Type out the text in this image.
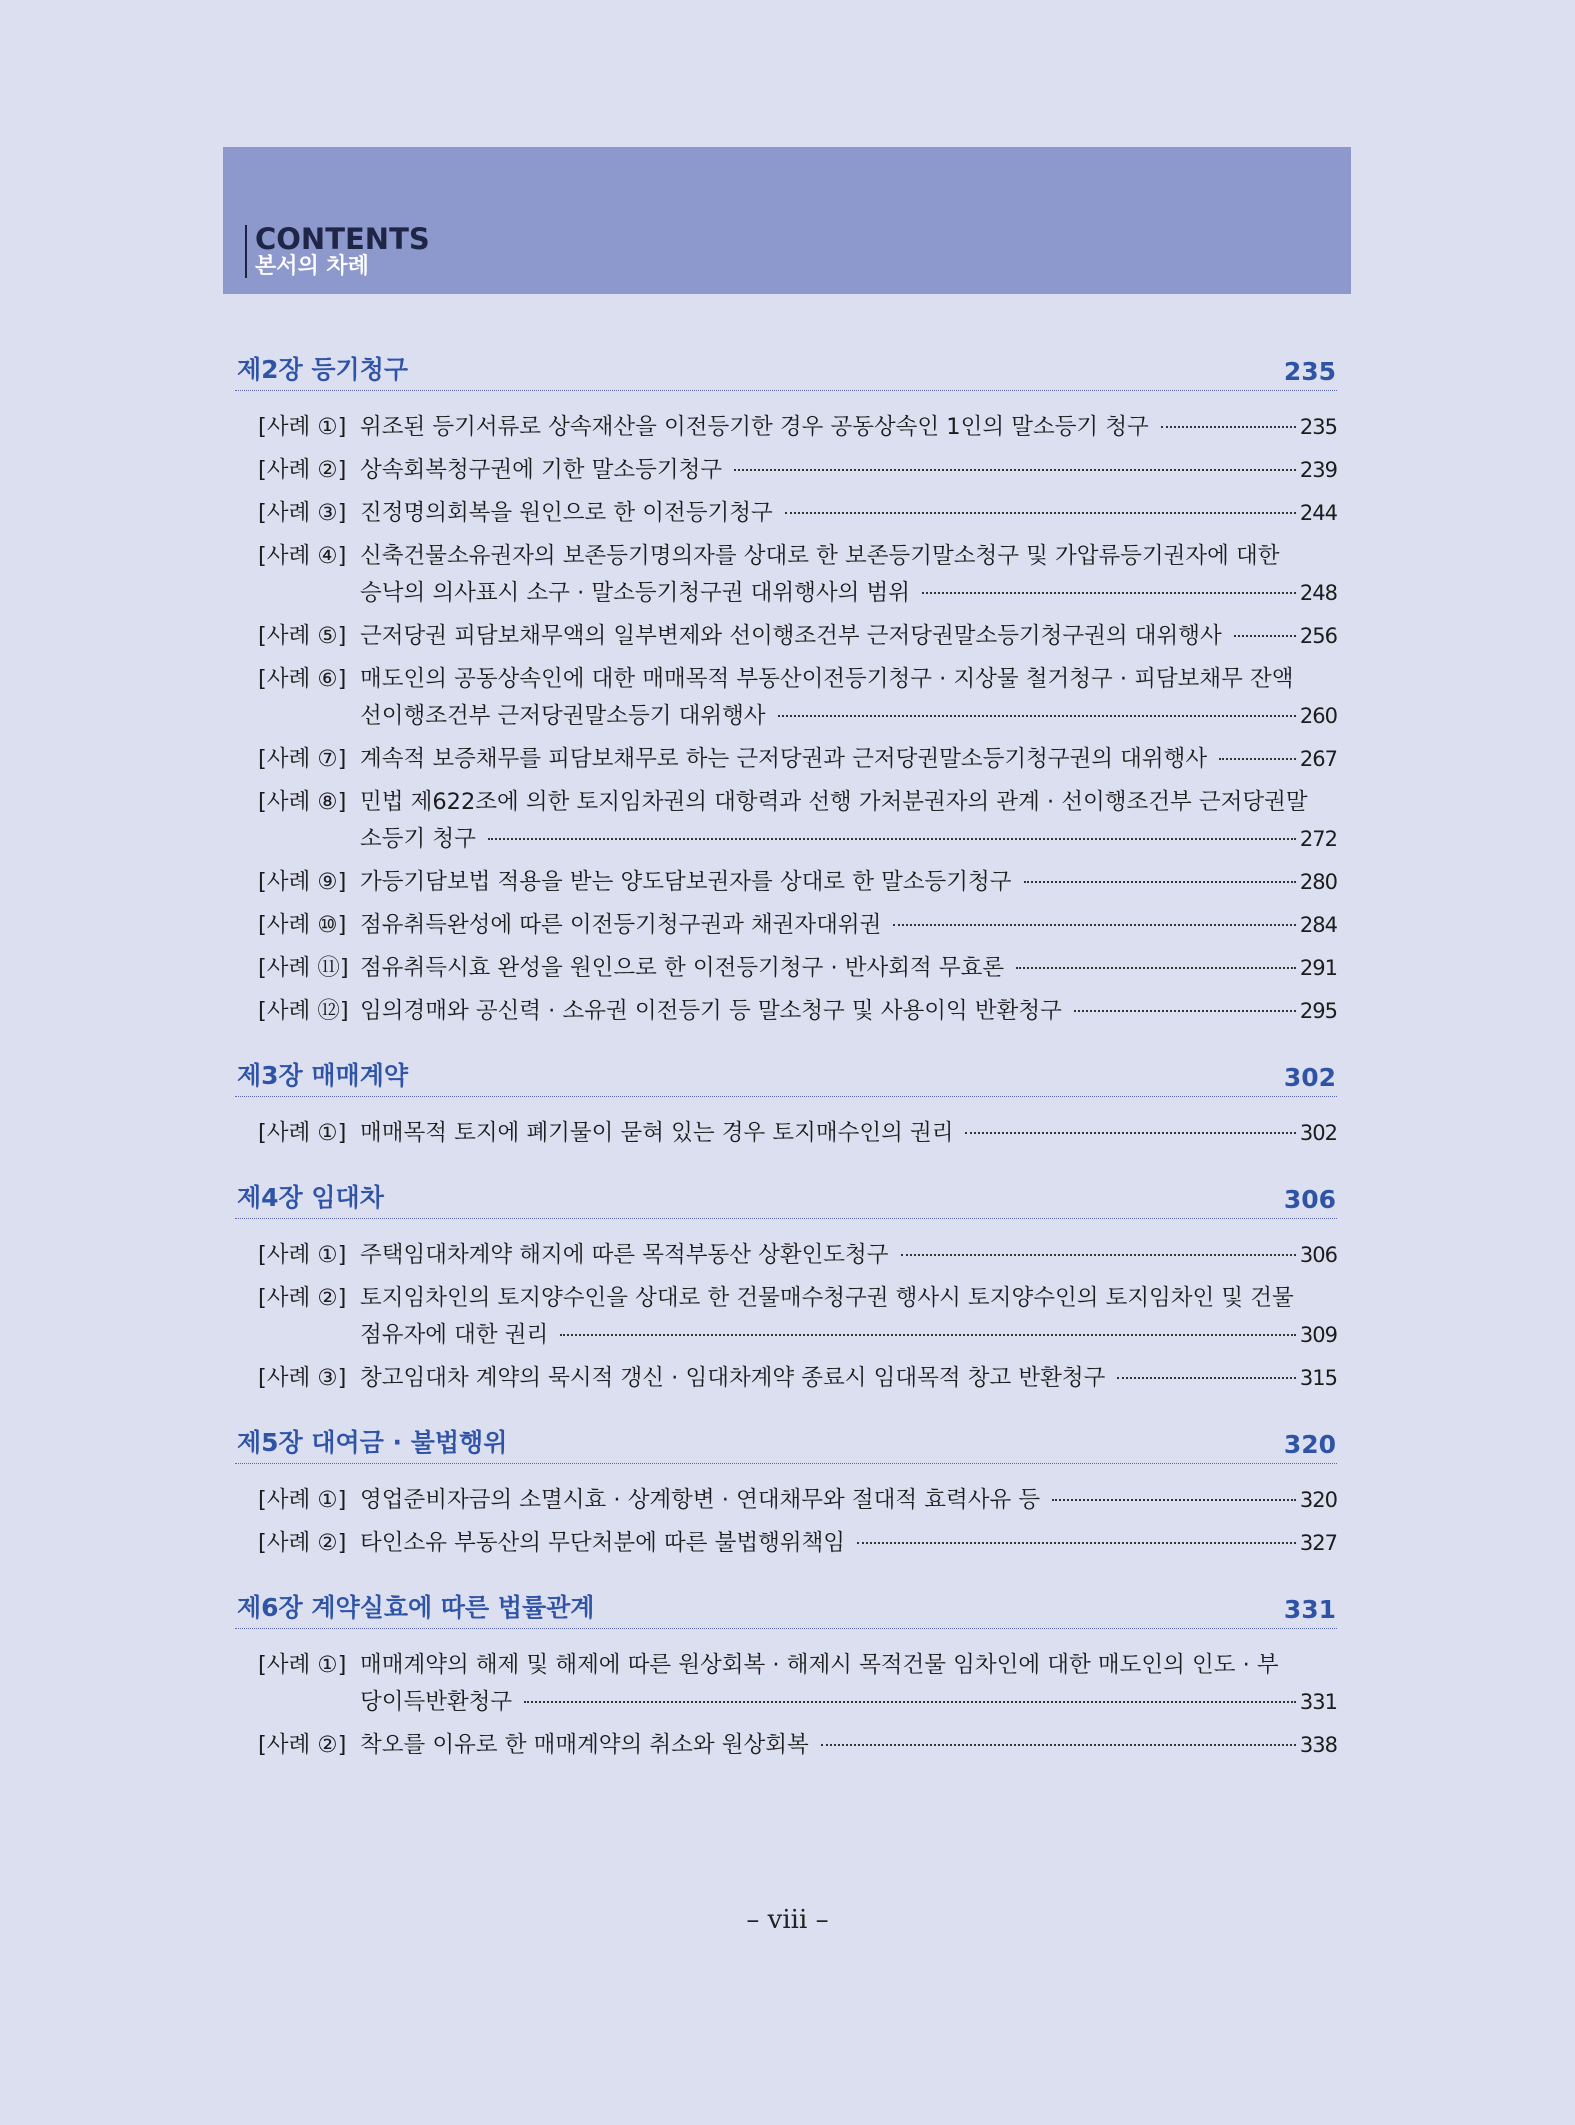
CONTENTS
본서의 차례
제2장 등기청구	235
[사례 ①] 위조된 등기서류로 상속재산을 이전등기한 경우 공동상속인 1인의 말소등기 청구	235
[사례 ②] 상속회복청구권에 기한 말소등기청구	239
[사례 ③] 진정명의회복을 원인으로 한 이전등기청구	244
[사례 ④] 신축건물소유권자의 보존등기명의자를 상대로 한 보존등기말소청구 및 가압류등기권자에 대한
승낙의 의사표시 소구 · 말소등기청구권 대위행사의 범위	248
[사례 ⑤] 근저당권 피담보채무액의 일부변제와 선이행조건부 근저당권말소등기청구권의 대위행사	256
[사례 ⑥] 매도인의 공동상속인에 대한 매매목적 부동산이전등기청구 · 지상물 철거청구 · 피담보채무 잔액
선이행조건부 근저당권말소등기 대위행사	260
[사례 ⑦] 계속적 보증채무를 피담보채무로 하는 근저당권과 근저당권말소등기청구권의 대위행사	267
[사례 ⑧] 민법 제622조에 의한 토지임차권의 대항력과 선행 가처분권자의 관계 · 선이행조건부 근저당권말
소등기 청구	272
[사례 ⑨] 가등기담보법 적용을 받는 양도담보권자를 상대로 한 말소등기청구	280
[사례 ⑩] 점유취득완성에 따른 이전등기청구권과 채권자대위권	284
[사례 ⑪] 점유취득시효 완성을 원인으로 한 이전등기청구 · 반사회적 무효론	291
[사례 ⑫] 임의경매와 공신력 · 소유권 이전등기 등 말소청구 및 사용이익 반환청구	295
제3장 매매계약	302
[사례 ①] 매매목적 토지에 폐기물이 묻혀 있는 경우 토지매수인의 권리	302
제4장 임대차	306
[사례 ①] 주택임대차계약 해지에 따른 목적부동산 상환인도청구	306
[사례 ②] 토지임차인의 토지양수인을 상대로 한 건물매수청구권 행사시 토지양수인의 토지임차인 및 건물
점유자에 대한 권리	309
[사례 ③] 창고임대차 계약의 묵시적 갱신 · 임대차계약 종료시 임대목적 창고 반환청구	315
제5장 대여금 · 불법행위	320
[사례 ①] 영업준비자금의 소멸시효 · 상계항변 · 연대채무와 절대적 효력사유 등	320
[사례 ②] 타인소유 부동산의 무단처분에 따른 불법행위책임	327
제6장 계약실효에 따른 법률관계	331
[사례 ①] 매매계약의 해제 및 해제에 따른 원상회복 · 해제시 목적건물 임차인에 대한 매도인의 인도 · 부
당이득반환청구	331
[사례 ②] 착오를 이유로 한 매매계약의 취소와 원상회복	338
– viii –
